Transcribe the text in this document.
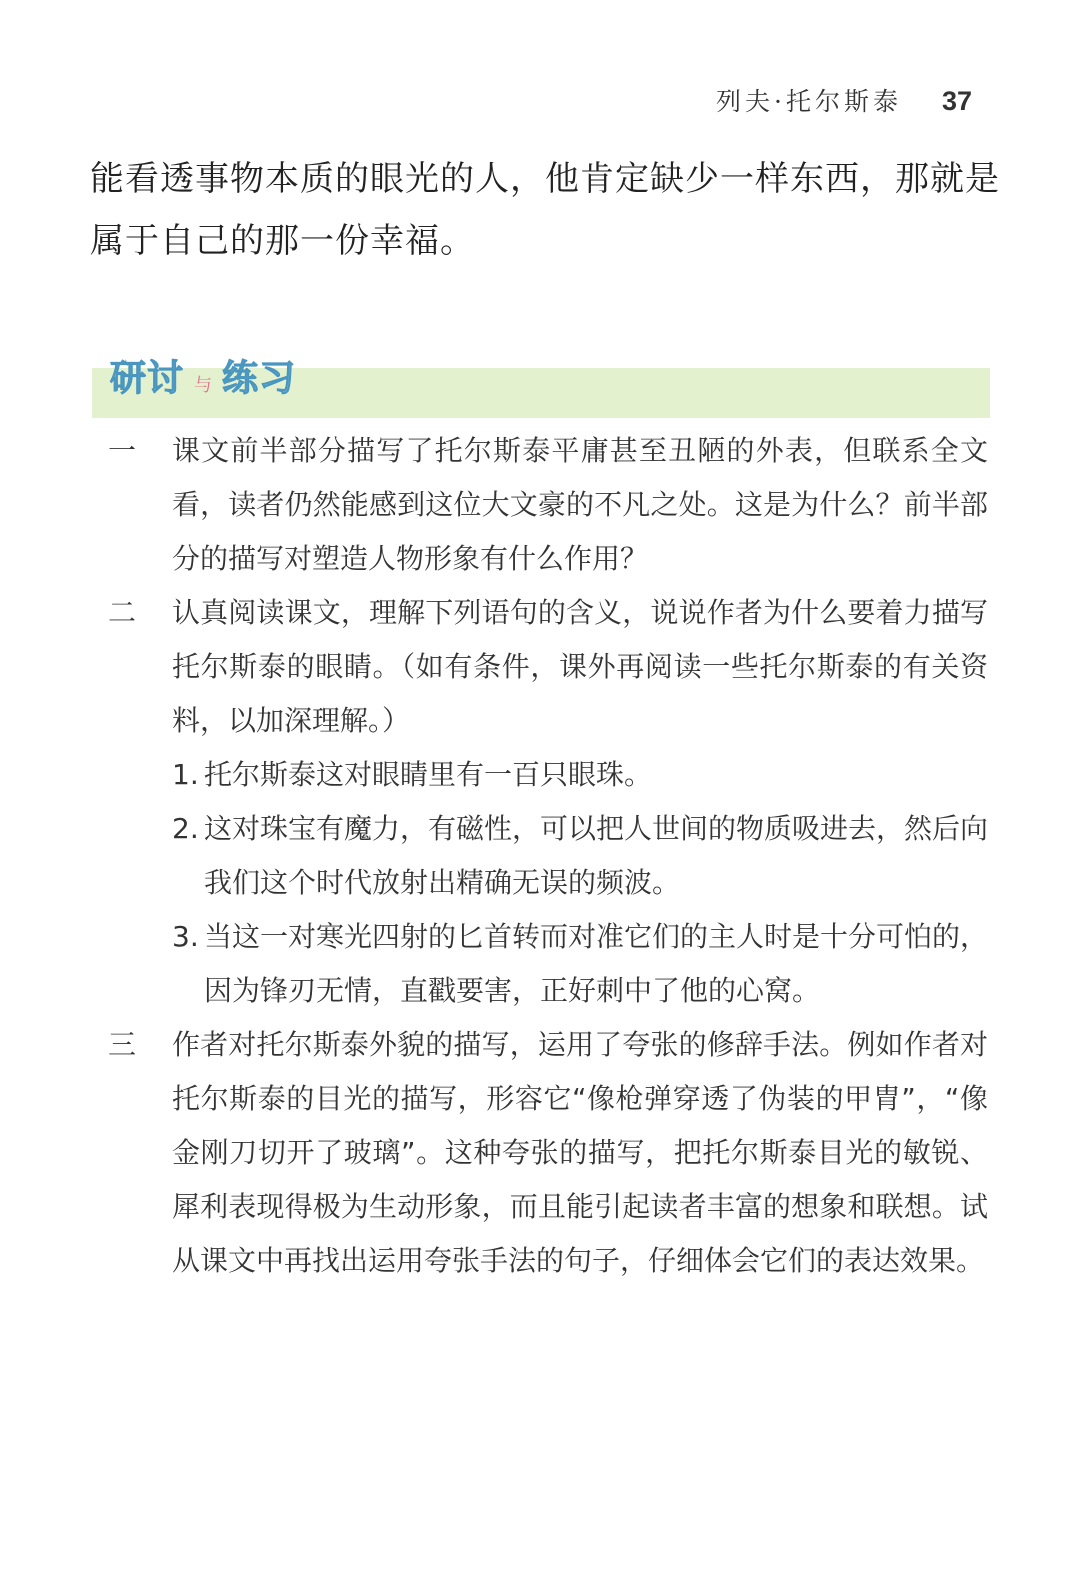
列夫·托尔斯泰 37

能看透事物本质的眼光的人，他肯定缺少一样东西，那就是属于自己的那一份幸福。

研讨 与 练习
一	课文前半部分描写了托尔斯泰平庸甚至丑陋的外表，但联系全文看，读者仍然能感到这位大文豪的不凡之处。这是为什么？前半部分的描写对塑造人物形象有什么作用？

二	认真阅读课文，理解下列语句的含义，说说作者为什么要着力描写托尔斯泰的眼睛。（如有条件，课外再阅读一些托尔斯泰的有关资料，以加深理解。）

1. 托尔斯泰这对眼睛里有一百只眼珠。
2. 这对珠宝有魔力，有磁性，可以把人世间的物质吸进去，然后向我们这个时代放射出精确无误的频波。
3. 当这一对寒光四射的匕首转而对准它们的主人时是十分可怕的，因为锋刃无情，直戳要害，正好刺中了他的心窝。
三	作者对托尔斯泰外貌的描写，运用了夸张的修辞手法。例如作者对托尔斯泰的目光的描写，形容它“像枪弹穿透了伪装的甲胄”，“像金刚刀切开了玻璃”。这种夸张的描写，把托尔斯泰目光的敏锐、犀利表现得极为生动形象，而且能引起读者丰富的想象和联想。试从课文中再找出运用夸张手法的句子，仔细体会它们的表达效果。
